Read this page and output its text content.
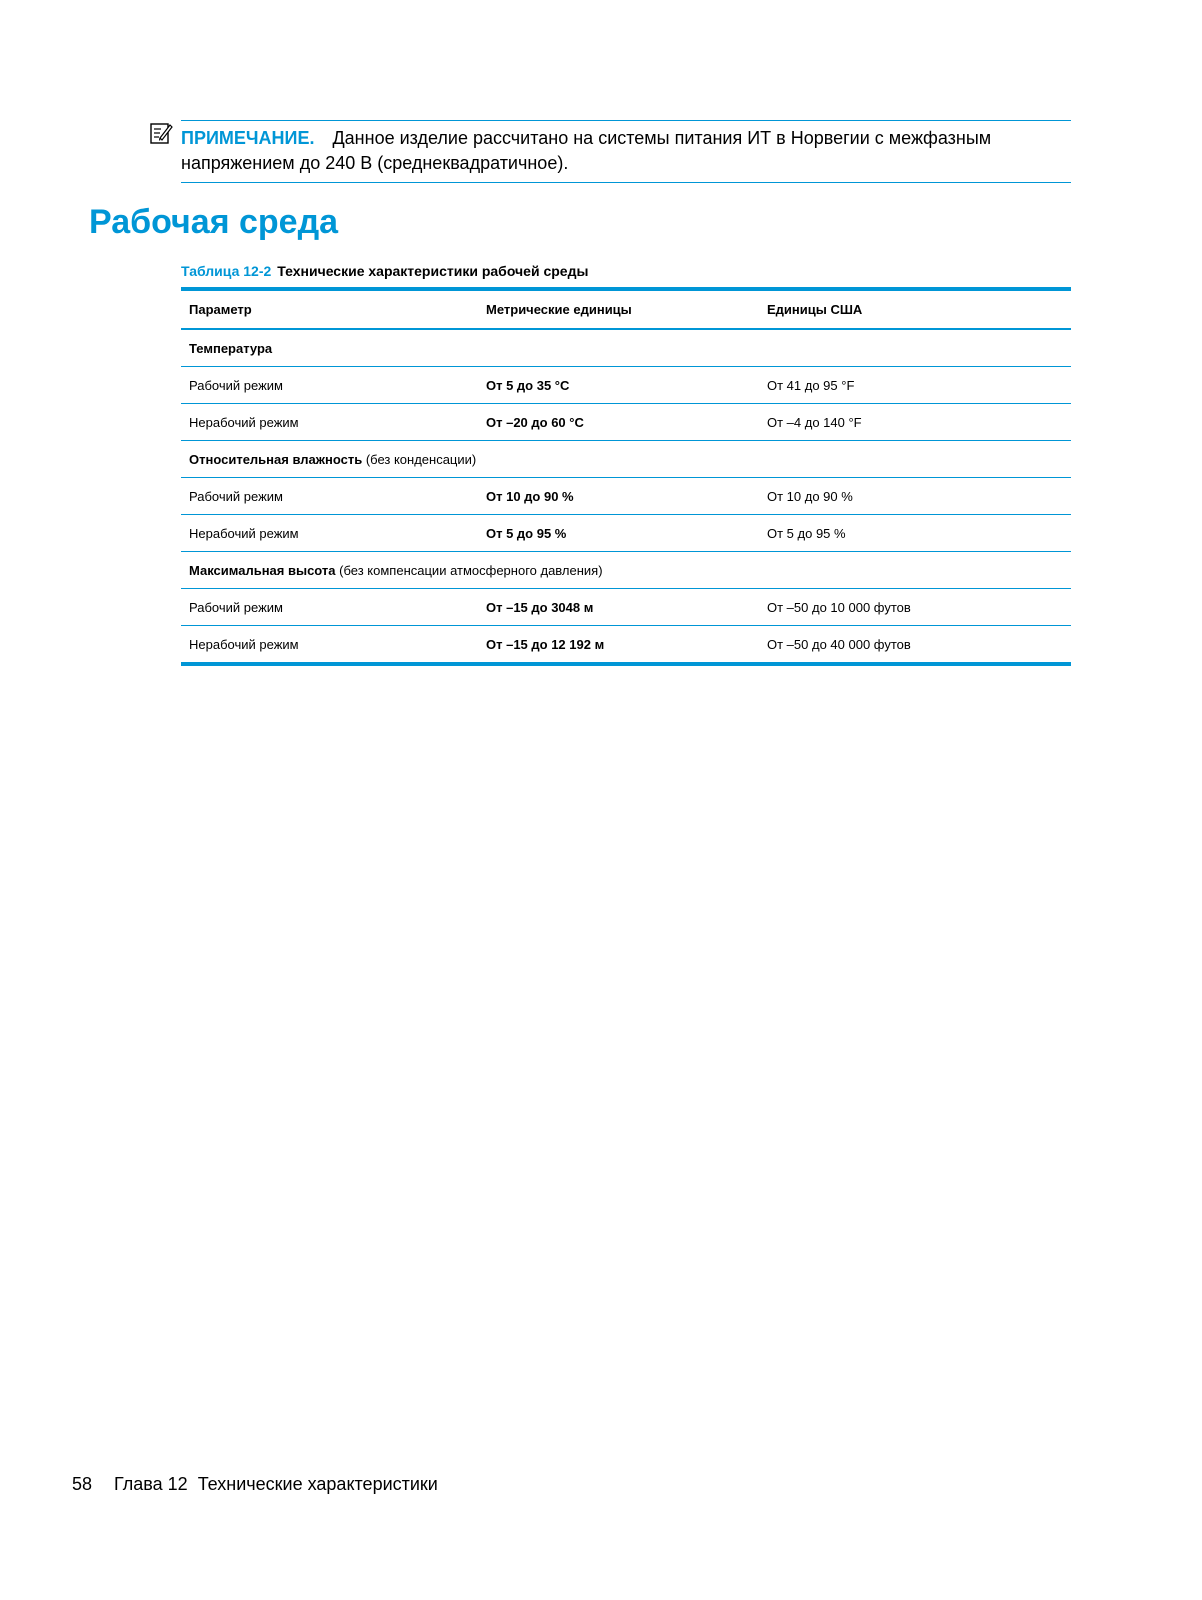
ПРИМЕЧАНИЕ. Данное изделие рассчитано на системы питания ИТ в Норвегии с межфазным
напряжением до 240 В (среднеквадратичное).
Рабочая среда
Таблица 12-2 Технические характеристики рабочей среды
Параметр	Метрические единицы	Единицы США
Температура		
Рабочий режим	От 5 до 35 °C	От 41 до 95 °F
Нерабочий режим	От –20 до 60 °C	От –4 до 140 °F
Относительная влажность (без конденсации)		
Рабочий режим	От 10 до 90 %	От 10 до 90 %
Нерабочий режим	От 5 до 95 %	От 5 до 95 %
Максимальная высота (без компенсации атмосферного давления)		
Рабочий режим	От –15 до 3048 м	От –50 до 10 000 футов
Нерабочий режим	От –15 до 12 192 м	От –50 до 40 000 футов
58 Глава 12 Технические характеристики
